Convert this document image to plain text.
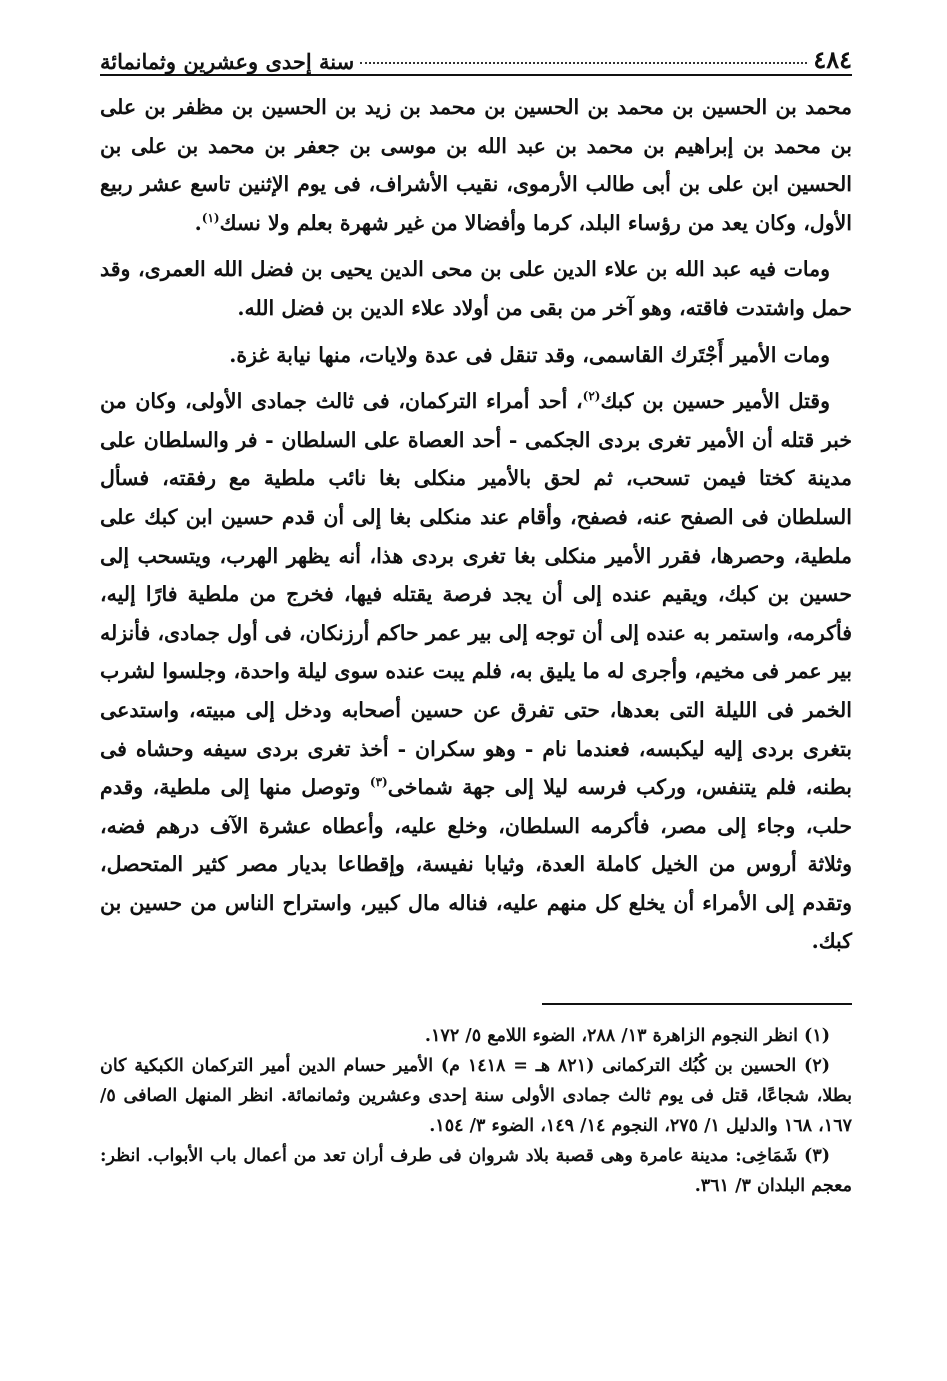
٤٨٤
سنة إحدى وعشرين وثمانمائة

محمد بن الحسين بن محمد بن الحسين بن محمد بن زيد بن الحسين بن مظفر بن على بن محمد بن إبراهيم بن محمد بن عبد الله بن موسى بن جعفر بن محمد بن على بن الحسين ابن على بن أبى طالب الأرموى، نقيب الأشراف، فى يوم الإثنين تاسع عشر ربيع الأول، وكان يعد من رؤساء البلد، كرما وأفضالا من غير شهرة بعلم ولا نسك$^{(١)}$.

ومات فيه عبد الله بن علاء الدين على بن محى الدين يحيى بن فضل الله العمرى، وقد حمل واشتدت فاقته، وهو آخر من بقى من أولاد علاء الدين بن فضل الله.

ومات الأمير أَجْتَرك القاسمى، وقد تنقل فى عدة ولايات، منها نيابة غزة.

وقتل الأمير حسين بن كبك$^{(٢)}$، أحد أمراء التركمان، فى ثالث جمادى الأولى، وكان من خبر قتله أن الأمير تغرى بردى الجكمى - أحد العصاة على السلطان - فر والسلطان على مدينة كختا فيمن تسحب، ثم لحق بالأمير منكلى بغا نائب ملطية مع رفقته، فسأل السلطان فى الصفح عنه، فصفح، وأقام عند منكلى بغا إلى أن قدم حسين ابن كبك على ملطية، وحصرها، فقرر الأمير منكلى بغا تغرى بردى هذا، أنه يظهر الهرب، ويتسحب إلى حسين بن كبك، ويقيم عنده إلى أن يجد فرصة يقتله فيها، فخرج من ملطية فارًا إليه، فأكرمه، واستمر به عنده إلى أن توجه إلى بير عمر حاكم أرزنكان، فى أول جمادى، فأنزله بير عمر فى مخيم، وأجرى له ما يليق به، فلم يبت عنده سوى ليلة واحدة، وجلسوا لشرب الخمر فى الليلة التى بعدها، حتى تفرق عن حسين أصحابه ودخل إلى مبيته، واستدعى بتغرى بردى إليه ليكبسه، فعندما نام - وهو سكران - أخذ تغرى بردى سيفه وحشاه فى بطنه، فلم يتنفس، وركب فرسه ليلا إلى جهة شماخى$^{(٣)}$ وتوصل منها إلى ملطية، وقدم حلب، وجاء إلى مصر، فأكرمه السلطان، وخلع عليه، وأعطاه عشرة الآف درهم فضه، وثلاثة أروس من الخيل كاملة العدة، وثيابا نفيسة، وإقطاعا بديار مصر كثير المتحصل، وتقدم إلى الأمراء أن يخلع كل منهم عليه، فناله مال كبير، واستراح الناس من حسين بن كبك.

(١) انظر النجوم الزاهرة ١٣/ ٢٨٨، الضوء اللامع ٥/ ١٧٢.

(٢) الحسين بن كُبُك التركمانى (٨٢١ هـ = ١٤١٨ م) الأمير حسام الدين أمير التركمان الكبكية كان بطلا، شجاعًا، قتل فى يوم ثالث جمادى الأولى سنة إحدى وعشرين وثمانمائة. انظر المنهل الصافى ٥/ ١٦٧، ١٦٨ والدليل ١/ ٢٧٥، النجوم ١٤/ ١٤٩، الضوء ٣/ ١٥٤.

(٣) شَمَاخِى: مدينة عامرة وهى قصبة بلاد شروان فى طرف أران تعد من أعمال باب الأبواب. انظر: معجم البلدان ٣/ ٣٦١.
